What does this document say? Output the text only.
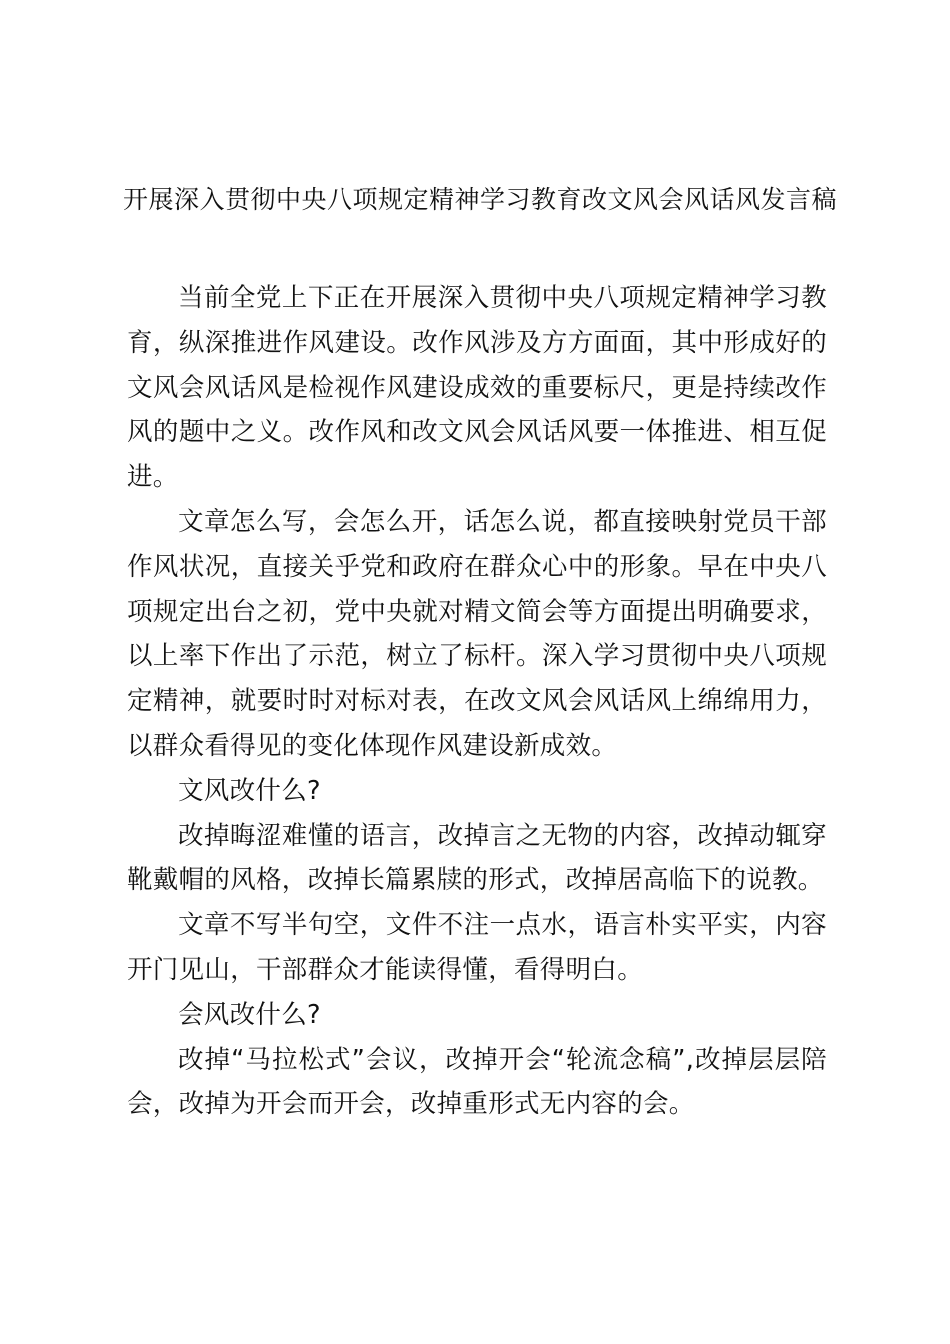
开展深入贯彻中央八项规定精神学习教育改文风会风话风发言稿

当前全党上下正在开展深入贯彻中央八项规定精神学习教育，纵深推进作风建设。改作风涉及方方面面，其中形成好的文风会风话风是检视作风建设成效的重要标尺，更是持续改作风的题中之义。改作风和改文风会风话风要一体推进、相互促进。

文章怎么写，会怎么开，话怎么说，都直接映射党员干部作风状况，直接关乎党和政府在群众心中的形象。早在中央八项规定出台之初，党中央就对精文简会等方面提出明确要求，以上率下作出了示范，树立了标杆。深入学习贯彻中央八项规定精神，就要时时对标对表，在改文风会风话风上绵绵用力，以群众看得见的变化体现作风建设新成效。

文风改什么?

改掉晦涩难懂的语言，改掉言之无物的内容，改掉动辄穿靴戴帽的风格，改掉长篇累牍的形式，改掉居高临下的说教。

文章不写半句空，文件不注一点水，语言朴实平实，内容开门见山，干部群众才能读得懂，看得明白。

会风改什么?

改掉“马拉松式”会议，改掉开会“轮流念稿”,改掉层层陪会，改掉为开会而开会，改掉重形式无内容的会。
